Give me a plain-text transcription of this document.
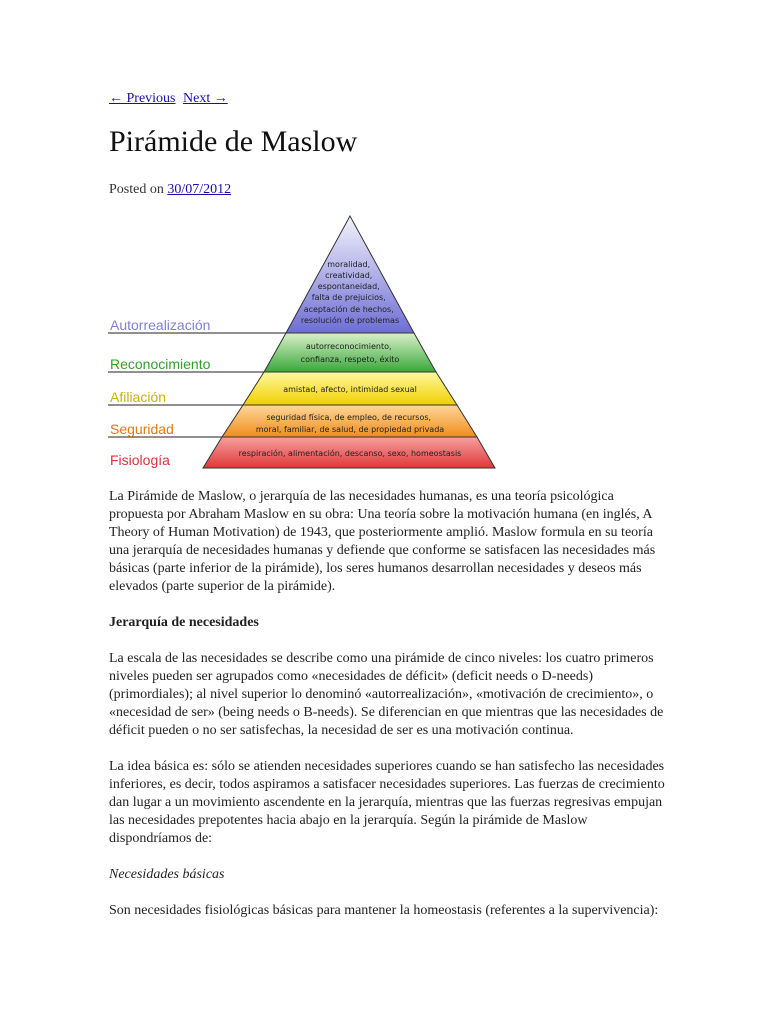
← Previous Next →
Pirámide de Maslow
Posted on 30/07/2012
moralidad, creatividad, espontaneidad, falta de prejuicios, aceptación de hechos, resolución de problemas
autorreconocimiento, confianza, respeto, éxito
amistad, afecto, intimidad sexual
seguridad física, de empleo, de recursos, moral, familiar, de salud, de propiedad privada
respiración, alimentación, descanso, sexo, homeostasis
Autorrealización
Reconocimiento
Afiliación
Seguridad
Fisiología

La Pirámide de Maslow, o jerarquía de las necesidades humanas, es una teoría psicológica propuesta por Abraham Maslow en su obra: Una teoría sobre la motivación humana (en inglés, A Theory of Human Motivation) de 1943, que posteriormente amplió. Maslow formula en su teoría una jerarquía de necesidades humanas y defiende que conforme se satisfacen las necesidades más básicas (parte inferior de la pirámide), los seres humanos desarrollan necesidades y deseos más elevados (parte superior de la pirámide).

Jerarquía de necesidades

La escala de las necesidades se describe como una pirámide de cinco niveles: los cuatro primeros niveles pueden ser agrupados como «necesidades de déficit» (deficit needs o D-needs)(primordiales); al nivel superior lo denominó «autorrealización», «motivación de crecimiento», o «necesidad de ser» (being needs o B-needs). Se diferencian en que mientras que las necesidades de déficit pueden o no ser satisfechas, la necesidad de ser es una motivación continua.

La idea básica es: sólo se atienden necesidades superiores cuando se han satisfecho las necesidades inferiores, es decir, todos aspiramos a satisfacer necesidades superiores. Las fuerzas de crecimiento dan lugar a un movimiento ascendente en la jerarquía, mientras que las fuerzas regresivas empujan las necesidades prepotentes hacia abajo en la jerarquía. Según la pirámide de Maslow dispondríamos de:

Necesidades básicas

Son necesidades fisiológicas básicas para mantener la homeostasis (referentes a la supervivencia):
